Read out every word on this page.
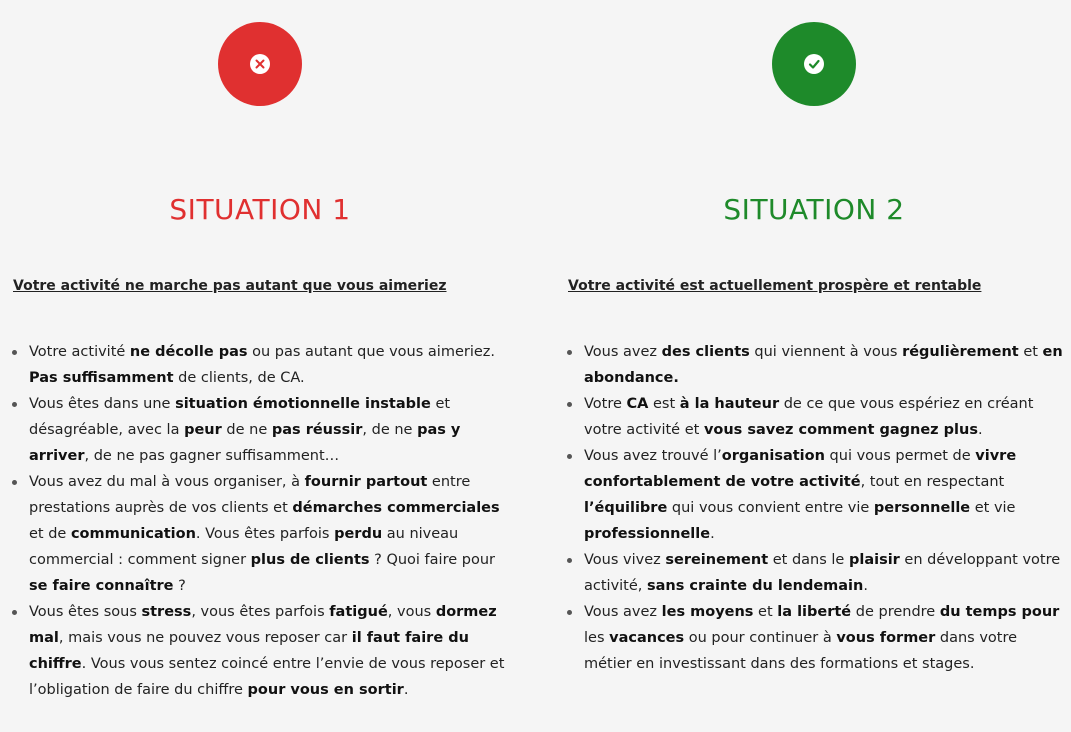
SITUATION 1
Votre activité ne marche pas autant que vous aimeriez
Votre activité ne décolle pas ou pas autant que vous aimeriez. Pas suffisamment de clients, de CA.
Vous êtes dans une situation émotionnelle instable et désagréable, avec la peur de ne pas réussir, de ne pas y arriver, de ne pas gagner suffisamment…
Vous avez du mal à vous organiser, à fournir partout entre prestations auprès de vos clients et démarches commerciales et de communication. Vous êtes parfois perdu au niveau commercial : comment signer plus de clients ? Quoi faire pour se faire connaître ?
Vous êtes sous stress, vous êtes parfois fatigué, vous dormez mal, mais vous ne pouvez vous reposer car il faut faire du chiffre. Vous vous sentez coincé entre l’envie de vous reposer et l’obligation de faire du chiffre pour vous en sortir.
SITUATION 2
Votre activité est actuellement prospère et rentable
Vous avez des clients qui viennent à vous régulièrement et en abondance.
Votre CA est à la hauteur de ce que vous espériez en créant votre activité et vous savez comment gagnez plus.
Vous avez trouvé l’organisation qui vous permet de vivre confortablement de votre activité, tout en respectant l’équilibre qui vous convient entre vie personnelle et vie professionnelle.
Vous vivez sereinement et dans le plaisir en développant votre activité, sans crainte du lendemain.
Vous avez les moyens et la liberté de prendre du temps pour les vacances ou pour continuer à vous former dans votre métier en investissant dans des formations et stages.
